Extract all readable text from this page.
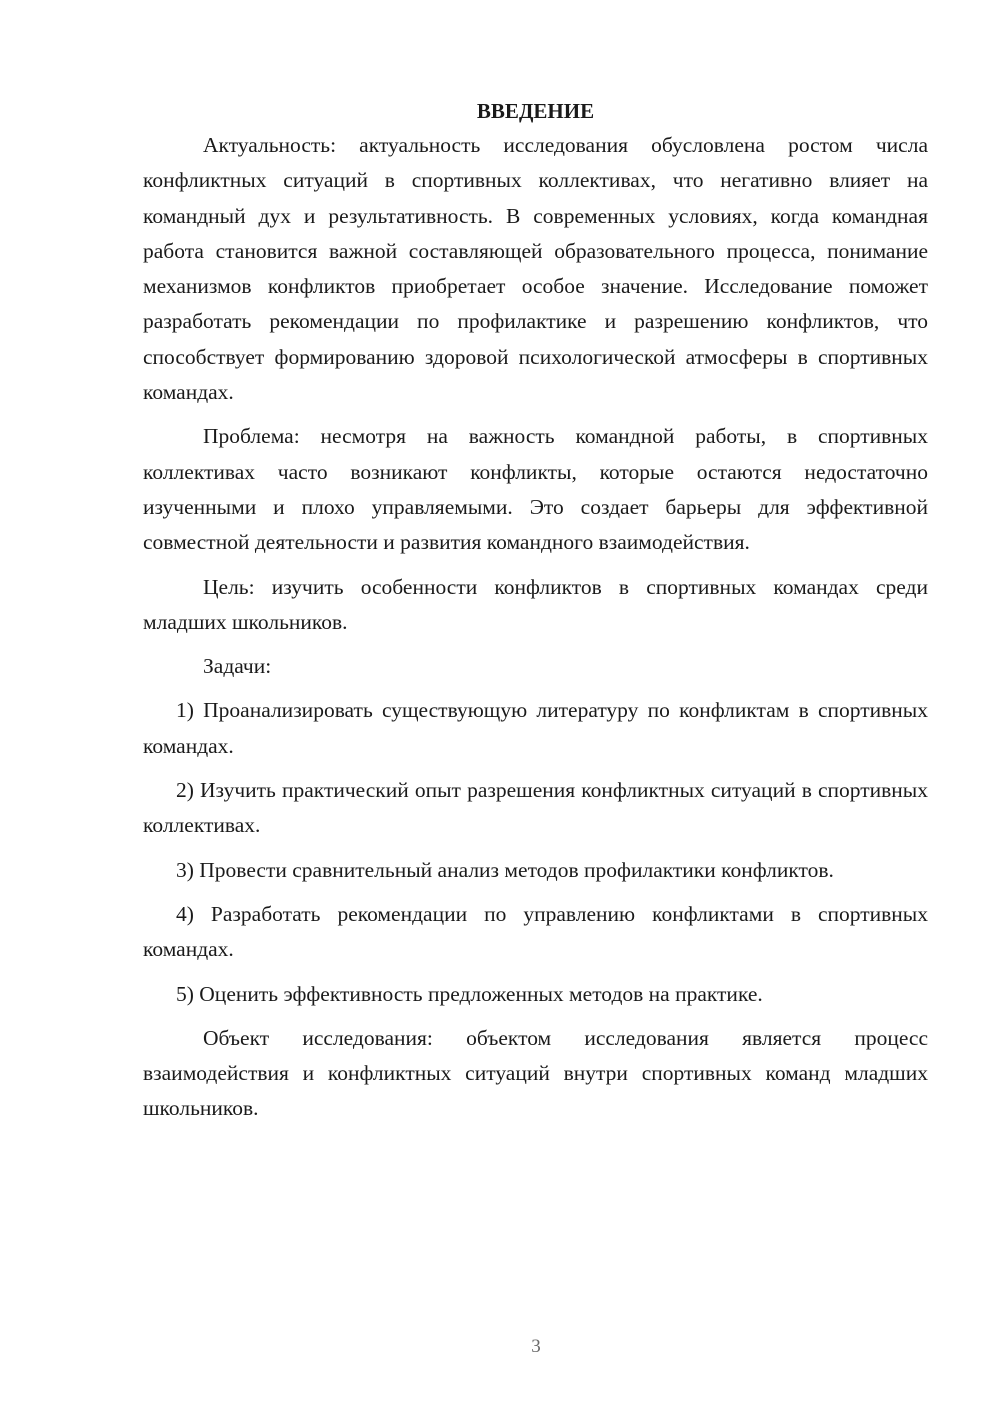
ВВЕДЕНИЕ

Актуальность: актуальность исследования обусловлена ростом числа конфликтных ситуаций в спортивных коллективах, что негативно влияет на командный дух и результативность. В современных условиях, когда командная работа становится важной составляющей образовательного процесса, понимание механизмов конфликтов приобретает особое значение. Исследование поможет разработать рекомендации по профилактике и разрешению конфликтов, что способствует формированию здоровой психологической атмосферы в спортивных командах.

Проблема: несмотря на важность командной работы, в спортивных коллективах часто возникают конфликты, которые остаются недостаточно изученными и плохо управляемыми. Это создает барьеры для эффективной совместной деятельности и развития командного взаимодействия.

Цель: изучить особенности конфликтов в спортивных командах среди младших школьников.

Задачи:

1) Проанализировать существующую литературу по конфликтам в спортивных командах.

2) Изучить практический опыт разрешения конфликтных ситуаций в спортивных коллективах.

3) Провести сравнительный анализ методов профилактики конфликтов.

4) Разработать рекомендации по управлению конфликтами в спортивных командах.

5) Оценить эффективность предложенных методов на практике.

Объект исследования: объектом исследования является процесс взаимодействия и конфликтных ситуаций внутри спортивных команд младших школьников.

3
